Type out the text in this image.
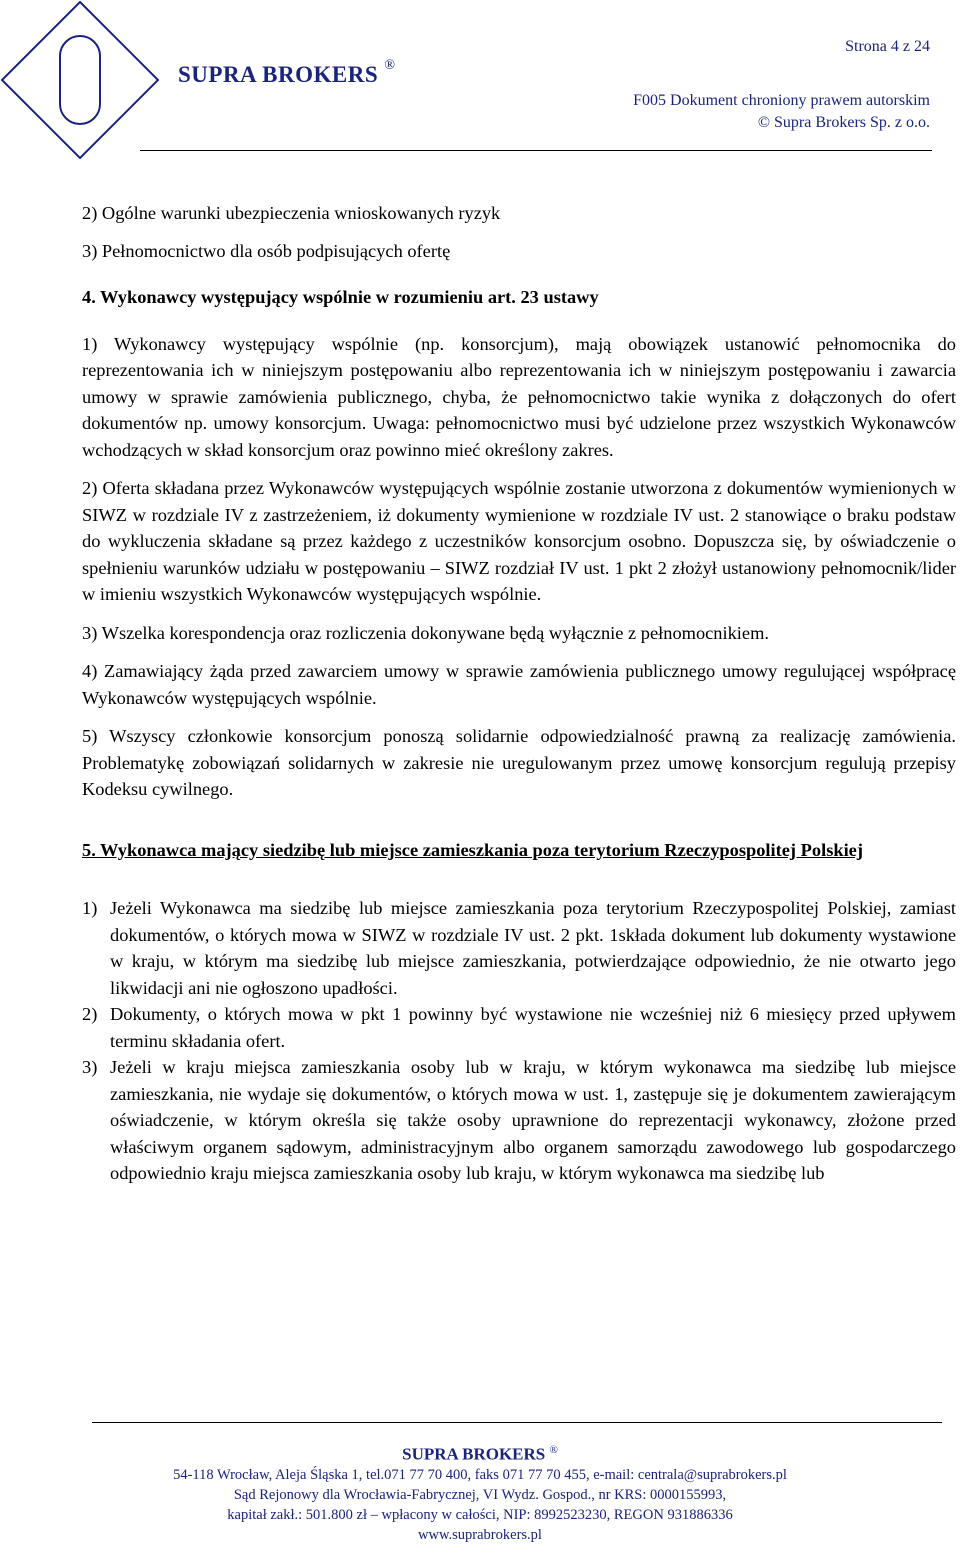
SUPRA BROKERS ®
Strona 4 z 24
F005 Dokument chroniony prawem autorskim
© Supra Brokers Sp. z o.o.

2) Ogólne warunki ubezpieczenia wnioskowanych ryzyk

3) Pełnomocnictwo dla osób podpisujących ofertę

4. Wykonawcy występujący wspólnie w rozumieniu art. 23 ustawy

1) Wykonawcy występujący wspólnie (np. konsorcjum), mają obowiązek ustanowić pełnomocnika do reprezentowania ich w niniejszym postępowaniu albo reprezentowania ich w niniejszym postępowaniu i zawarcia umowy w sprawie zamówienia publicznego, chyba, że pełnomocnictwo takie wynika z dołączonych do ofert dokumentów np. umowy konsorcjum. Uwaga: pełnomocnictwo musi być udzielone przez wszystkich Wykonawców wchodzących w skład konsorcjum oraz powinno mieć określony zakres.

2) Oferta składana przez Wykonawców występujących wspólnie zostanie utworzona z dokumentów wymienionych w SIWZ w rozdziale IV z zastrzeżeniem, iż dokumenty wymienione w rozdziale IV ust. 2 stanowiące o braku podstaw do wykluczenia składane są przez każdego z uczestników konsorcjum osobno. Dopuszcza się, by oświadczenie o spełnieniu warunków udziału w postępowaniu – SIWZ rozdział IV ust. 1 pkt 2 złożył ustanowiony pełnomocnik/lider w imieniu wszystkich Wykonawców występujących wspólnie.

3) Wszelka korespondencja oraz rozliczenia dokonywane będą wyłącznie z pełnomocnikiem.

4) Zamawiający żąda przed zawarciem umowy w sprawie zamówienia publicznego umowy regulującej współpracę Wykonawców występujących wspólnie.

5) Wszyscy członkowie konsorcjum ponoszą solidarnie odpowiedzialność prawną za realizację zamówienia. Problematykę zobowiązań solidarnych w zakresie nie uregulowanym przez umowę konsorcjum regulują przepisy Kodeksu cywilnego.

5. Wykonawca mający siedzibę lub miejsce zamieszkania poza terytorium Rzeczypospolitej Polskiej

1) Jeżeli Wykonawca ma siedzibę lub miejsce zamieszkania poza terytorium Rzeczypospolitej Polskiej, zamiast dokumentów, o których mowa w SIWZ w rozdziale IV ust. 2 pkt. 1składa dokument lub dokumenty wystawione w kraju, w którym ma siedzibę lub miejsce zamieszkania, potwierdzające odpowiednio, że nie otwarto jego likwidacji ani nie ogłoszono upadłości.
2) Dokumenty, o których mowa w pkt 1 powinny być wystawione nie wcześniej niż 6 miesięcy przed upływem terminu składania ofert.
3) Jeżeli w kraju miejsca zamieszkania osoby lub w kraju, w którym wykonawca ma siedzibę lub miejsce zamieszkania, nie wydaje się dokumentów, o których mowa w ust. 1, zastępuje się je dokumentem zawierającym oświadczenie, w którym określa się także osoby uprawnione do reprezentacji wykonawcy, złożone przed właściwym organem sądowym, administracyjnym albo organem samorządu zawodowego lub gospodarczego odpowiednio kraju miejsca zamieszkania osoby lub kraju, w którym wykonawca ma siedzibę lub
SUPRA BROKERS ®
54-118 Wrocław, Aleja Śląska 1, tel.071 77 70 400, faks 071 77 70 455, e-mail: centrala@suprabrokers.pl
Sąd Rejonowy dla Wrocławia-Fabrycznej, VI Wydz. Gospod., nr KRS: 0000155993,
kapitał zakł.: 501.800 zł – wpłacony w całości, NIP: 8992523230, REGON 931886336
www.suprabrokers.pl
